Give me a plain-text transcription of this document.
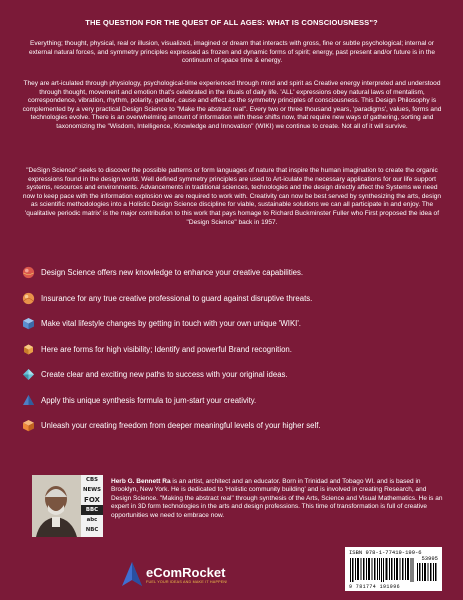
THE QUESTION FOR THE QUEST OF ALL AGES: WHAT IS CONSCIOUSNESS"?
Everything; thought, physical, real or illusion, visualized, imagined or dream that interacts with gross, fine or subtle psychological; internal or external natural forces, and symmetry principles expressed as frozen and dynamic forms of spirit; energy, past present and/or future is in the continuum of space time & energy.
They are art-iculated through physiology, psychological-time experienced through mind and spirit as Creative energy interpreted and understood through thought, movement and emotion that's celebrated in the rituals of daily life. 'ALL' expressions obey natural laws of mentalism, correspondence, vibration, rhythm, polarity, gender, cause and effect as the symmetry principles of consciousness. This Design Philosophy is complemented by a very practical Design Science to "Make the abstract real". Every two or three thousand years, 'paradigms', values, forms and technologies evolve. There is an overwhelming amount of information with these shifts now, that require new ways of gathering, sorting and taxonomizing the "Wisdom, Intelligence, Knowledge and Innovation" (WIKI) we continue to create. Not all of it will survive.
"DeSign Science" seeks to discover the possible patterns or form languages of nature that inspire the human imagination to create the organic expressions found in the design world. Well defined symmetry principles are used to Art-iculate the necessary applications for our life support systems, resources and environments. Advancements in traditional sciences, technologies and the design directly affect the Systems we need now to keep pace with the information explosion we are required to work with. Creativity can now be best served by synthesizing the arts, design as scientific methodologies into a Holistic Design Science discipline for viable, sustainable solutions we can all participate in and enjoy. The 'qualitative periodic matrix' is the major contribution to this work that pays homage to Richard Buckminster Fuller who First proposed the idea of "Design Science" back in 1957.
Design Science offers new knowledge to enhance your creative capabilities.
Insurance for any true creative professional to guard against disruptive threats.
Make vital lifestyle changes by getting in touch with your own unique 'WIKI'.
Here are forms for high visibility; Identify and powerful Brand recognition.
Create clear and exciting new paths to success with your original ideas.
Apply this unique synthesis formula to jum-start your creativity.
Unleash your creating freedom from deeper meaningful levels of your higher self.
CBS NEWS
FOX
BBC
abc
NBC
Herb G. Bennett Ra is an artist, architect and an educator. Born in Trinidad and Tobago WI. and is based in Brooklyn, New York. He is dedicated to 'Holistic community building' and is involved in creating Research, and Design Science. "Making the abstract real" through synthesis of the Arts, Science and Visual Mathematics. He is an expert in 3D form technologies in the arts and design professions. This time of transformation is full of creative opportunities we need to embrace now.
eComRocket
FUEL YOUR IDEAS AND MAKE IT HAPPEN!
ISBN 978-1-77419-199-6
53995
9 781774 191996
